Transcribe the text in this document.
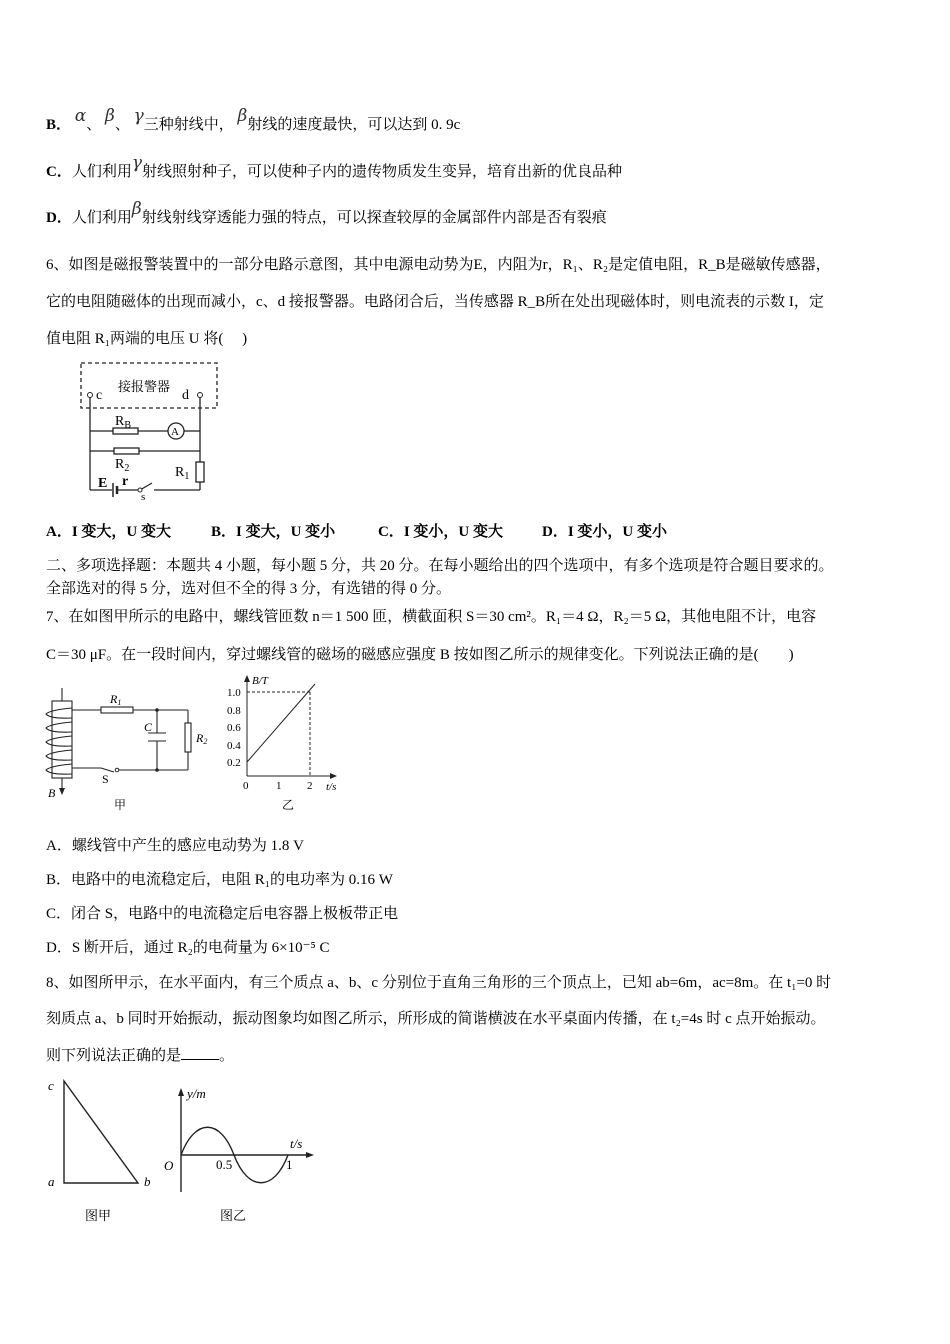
B． α、 β、 γ三种射线中， β射线的速度最快，可以达到 0. 9c
C．人们利用γ射线照射种子，可以使种子内的遗传物质发生变异，培育出新的优良品种
D．人们利用β射线射线穿透能力强的特点，可以探查较厚的金属部件内部是否有裂痕
6、如图是磁报警装置中的一部分电路示意图，其中电源电动势为E，内阻为r，R₁、R₂是定值电阻，R_B是磁敏传感器，
它的电阻随磁体的出现而减小，c、d 接报警器。电路闭合后，当传感器 R_B所在处出现磁体时，则电流表的示数 I，定
值电阻 R₁两端的电压 U 将(　 )
接报警器
c	d
$R_B$
A
$R_2$	$R_1$
E r
s
R1
C
R2
S
B
甲
B/T
1.0
0.8
0.6
0.4
0.2
0	1 2 t/s
乙
c
a	b
图甲
y/m
t/s
O	0.5	1
图乙
A．I 变大，U 变大	B．I 变大，U 变小	C．I 变小，U 变大	D．I 变小，U 变小
二、多项选择题：本题共 4 小题，每小题 5 分，共 20 分。在每小题给出的四个选项中，有多个选项是符合题目要求的。
全部选对的得 5 分，选对但不全的得 3 分，有选错的得 0 分。
7、在如图甲所示的电路中，螺线管匝数 n＝1 500 匝，横截面积 S＝30 cm²。R₁＝4 Ω，R₂＝5 Ω，其他电阻不计，电容
C＝30 μF。在一段时间内，穿过螺线管的磁场的磁感应强度 B 按如图乙所示的规律变化。下列说法正确的是(　　)
A．螺线管中产生的感应电动势为 1.8 V
B．电路中的电流稳定后，电阻 R₁的电功率为 0.16 W
C．闭合 S，电路中的电流稳定后电容器上极板带正电
D．S 断开后，通过 R₂的电荷量为 6×10⁻⁵ C
8、如图所甲示，在水平面内，有三个质点 a、b、c 分别位于直角三角形的三个顶点上，已知 ab=6m，ac=8m。在 t₁=0 时
刻质点 a、b 同时开始振动，振动图象均如图乙所示，所形成的简谐横波在水平桌面内传播，在 t₂=4s 时 c 点开始振动。
则下列说法正确的是	。
